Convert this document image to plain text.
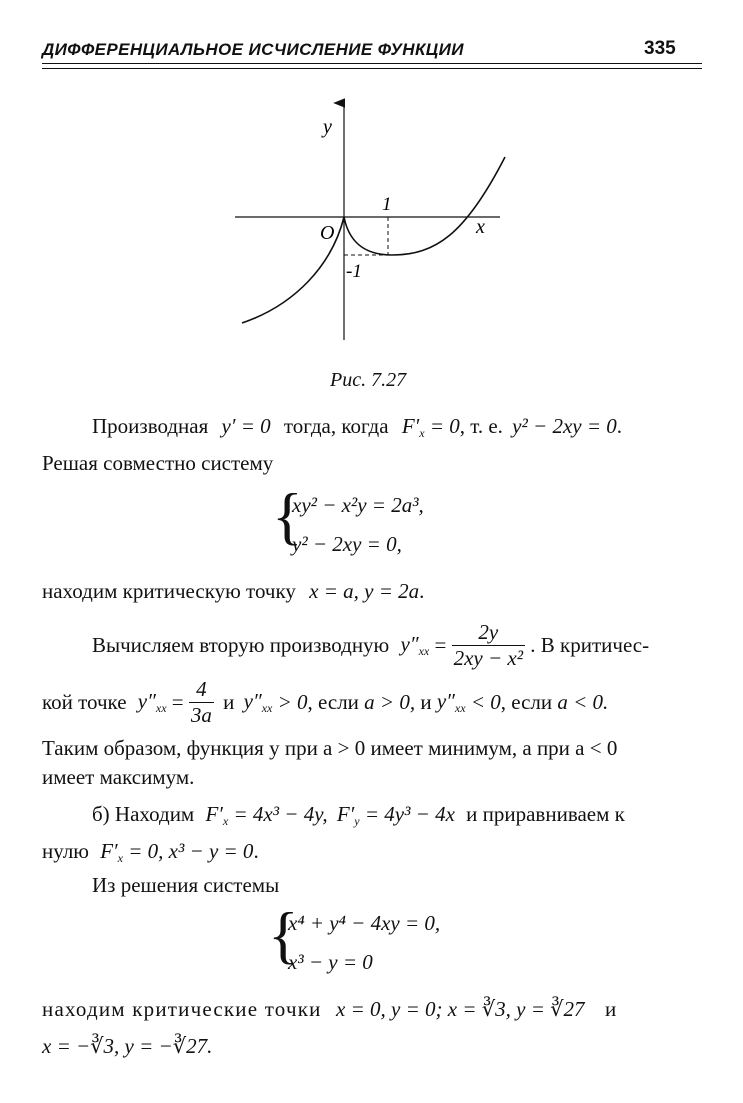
ДИФФЕРЕНЦИАЛЬНОЕ ИСЧИСЛЕНИЕ ФУНКЦИИ	335
y
x
O
1
-1
Рис. 7.27
Производная y′ = 0 тогда, когда $F'_x = 0$, т. е. y² − 2xy = 0.
Решая совместно систему
{
xy² − x²y = 2a³,
y² − 2xy = 0,
находим критическую точку x = a, y = 2a.
Вычисляем вторую производную $y''_{xx} = \frac{2y}{\text{2xy − x²}}$ . В критичес-
кой точке $y''_{xx} = \frac{4}{3a}$ и $y''_{xx} > 0$, если a > 0, и $y''_{xx} < 0$, если a < 0.
Таким образом, функция y при a > 0 имеет минимум, а при a < 0
имеет максимум.
б) Находим $F'_x = 4x^3 - 4y$, $F'_y = 4y^3 - 4x$ и приравниваем к
нулю $F'_x = 0$, x³ − y = 0.
Из решения системы
{
x⁴ + y⁴ − 4xy = 0,
x³ − y = 0
находим критические точки x = 0, y = 0; x = ∛3, y = ∛27 и
x = −∛3, y = −∛27.
